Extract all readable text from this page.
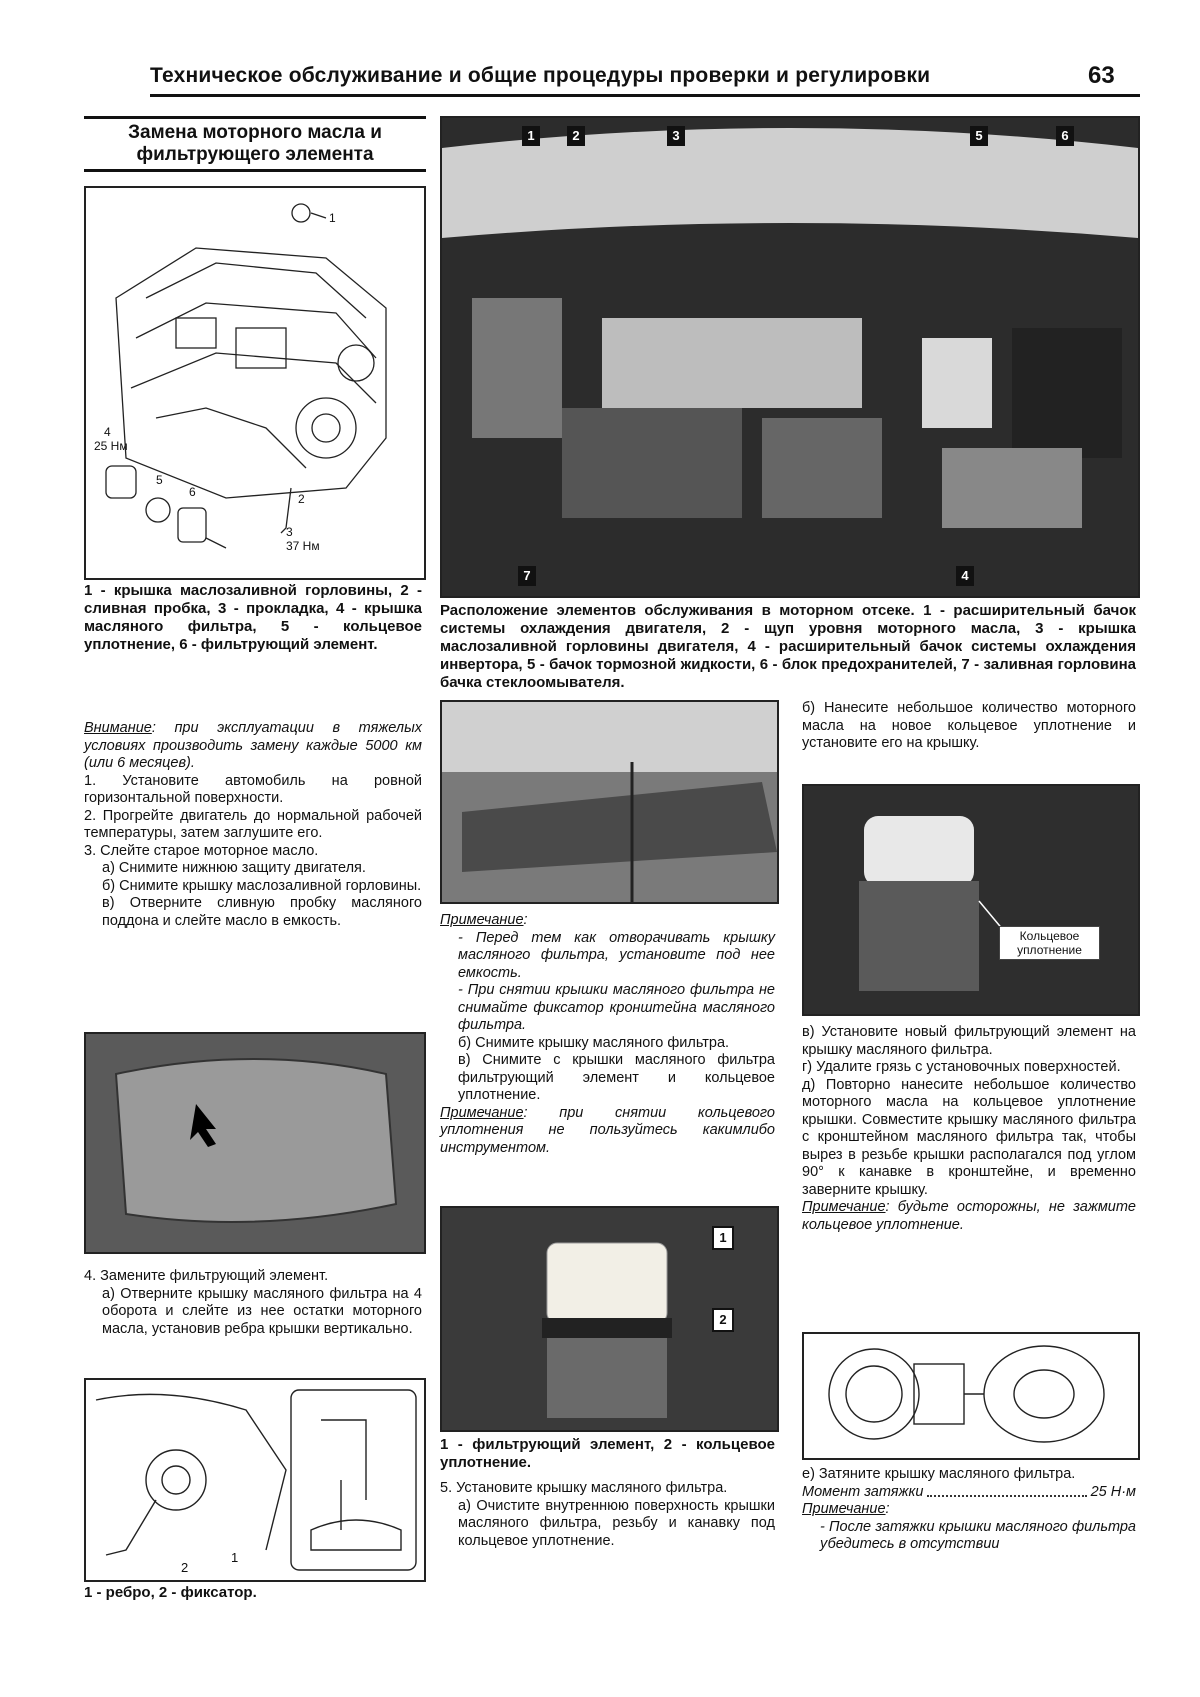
Техническое обслуживание и общие процедуры проверки и регулировки	63
Замена моторного масла и фильтрующего элемента
1
2
3
4
5
6
25 Нм
37 Нм
1 - крышка маслозаливной горловины, 2 - сливная пробка, 3 - прокладка, 4 - крышка масляного фильтра, 5 - кольцевое уплотнение, 6 - фильтрующий элемент.
1	2	3	5	6
7	4
Расположение элементов обслуживания в моторном отсеке. 1 - расширительный бачок системы охлаждения двигателя, 2 - щуп уровня моторного масла, 3 - крышка маслозаливной горловины двигателя, 4 - расширительный бачок системы охлаждения инвертора, 5 - бачок тормозной жидкости, 6 - блок предохранителей, 7 - заливная горловина бачка стеклоомывателя.

Внимание: при эксплуатации в тяжелых условиях производить замену каждые 5000 км (или 6 месяцев).

1. Установите автомобиль на ровной горизонтальной поверхности.

2. Прогрейте двигатель до нормальной рабочей температуры, затем заглушите его.

3. Слейте старое моторное масло.

а) Снимите нижнюю защиту двигателя.

б) Снимите крышку маслозаливной горловины.

в) Отверните сливную пробку масляного поддона и слейте масло в емкость.

4. Замените фильтрующий элемент.

а) Отверните крышку масляного фильтра на 4 оборота и слейте из нее остатки моторного масла, установив ребра крышки вертикально.

1
2
1 - ребро, 2 - фиксатор.

Примечание:

- Перед тем как отворачивать крышку масляного фильтра, установите под нее емкость.

- При снятии крышки масляного фильтра не снимайте фиксатор кронштейна масляного фильтра.

б) Снимите крышку масляного фильтра.

в) Снимите с крышки масляного фильтра фильтрующий элемент и кольцевое уплотнение.

Примечание: при снятии кольцевого уплотнения не пользуйтесь какимлибо инструментом.

1
2
1 - фильтрующий элемент, 2 - кольцевое уплотнение.

5. Установите крышку масляного фильтра.

а) Очистите внутреннюю поверхность крышки масляного фильтра, резьбу и канавку под кольцевое уплотнение.

б) Нанесите небольшое количество моторного масла на новое кольцевое уплотнение и установите его на крышку.

Кольцевое уплотнение

в) Установите новый фильтрующий элемент на крышку масляного фильтра.

г) Удалите грязь с установочных поверхностей.

д) Повторно нанесите небольшое количество моторного масла на кольцевое уплотнение крышки. Совместите крышку масляного фильтра с кронштейном масляного фильтра так, чтобы вырез в резьбе крышки располагался под углом 90° к канавке в кронштейне, и временно заверните крышку.

Примечание: будьте осторожны, не зажмите кольцевое уплотнение.

е) Затяните крышку масляного фильтра.

Момент затяжки	25 Н·м

Примечание:

- После затяжки крышки масляного фильтра убедитесь в отсутствии
